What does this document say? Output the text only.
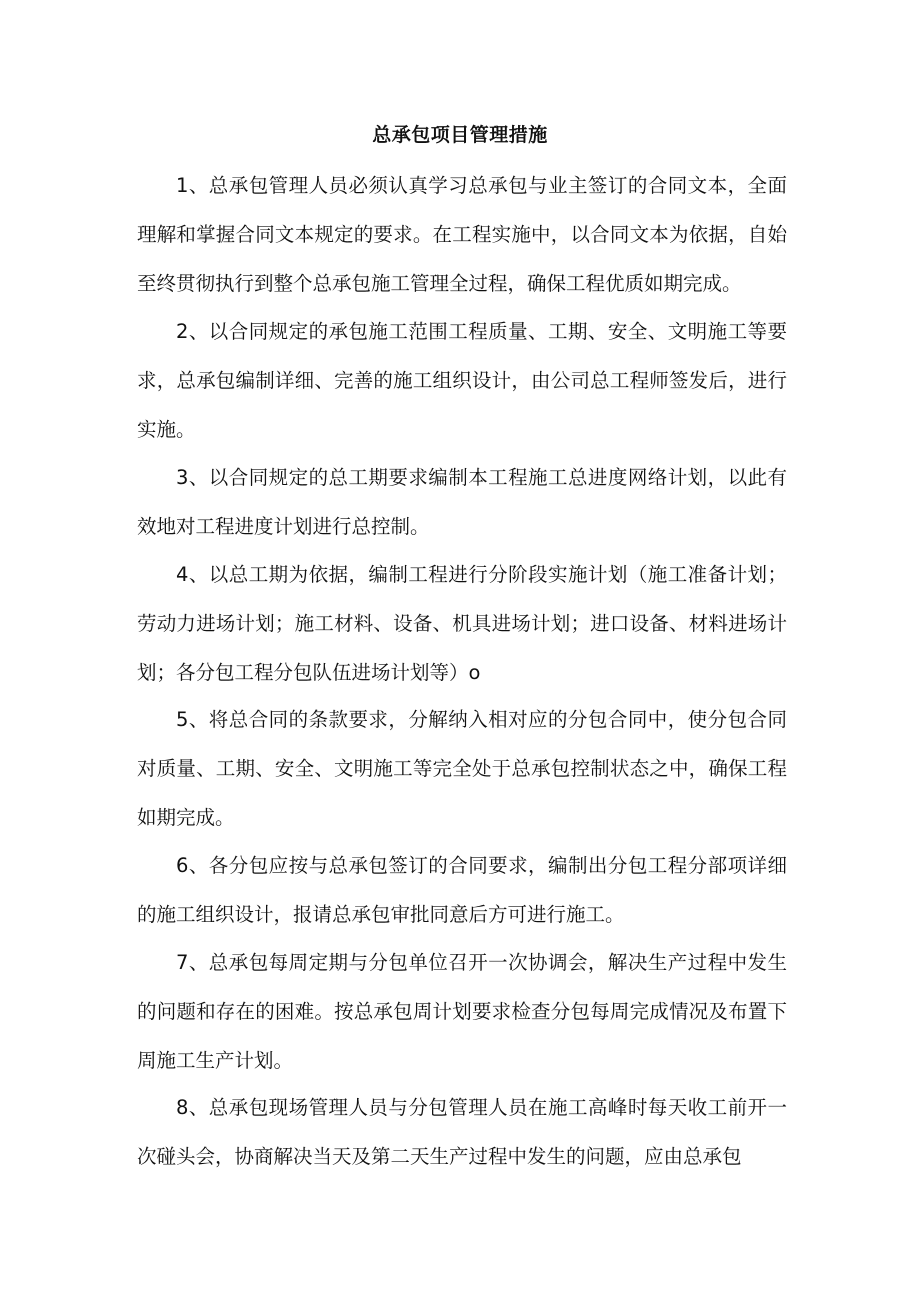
总承包项目管理措施

1、总承包管理人员必须认真学习总承包与业主签订的合同文本，全面理解和掌握合同文本规定的要求。在工程实施中，以合同文本为依据，自始至终贯彻执行到整个总承包施工管理全过程，确保工程优质如期完成。

2、以合同规定的承包施工范围工程质量、工期、安全、文明施工等要求，总承包编制详细、完善的施工组织设计，由公司总工程师签发后，进行实施。

3、以合同规定的总工期要求编制本工程施工总进度网络计划，以此有效地对工程进度计划进行总控制。

4、以总工期为依据，编制工程进行分阶段实施计划（施工准备计划；劳动力进场计划；施工材料、设备、机具进场计划；进口设备、材料进场计划；各分包工程分包队伍进场计划等）o

5、将总合同的条款要求，分解纳入相对应的分包合同中，使分包合同对质量、工期、安全、文明施工等完全处于总承包控制状态之中，确保工程如期完成。

6、各分包应按与总承包签订的合同要求，编制出分包工程分部项详细的施工组织设计，报请总承包审批同意后方可进行施工。

7、总承包每周定期与分包单位召开一次协调会，解决生产过程中发生的问题和存在的困难。按总承包周计划要求检查分包每周完成情况及布置下周施工生产计划。

8、总承包现场管理人员与分包管理人员在施工高峰时每天收工前开一次碰头会，协商解决当天及第二天生产过程中发生的问题，应由总承包
